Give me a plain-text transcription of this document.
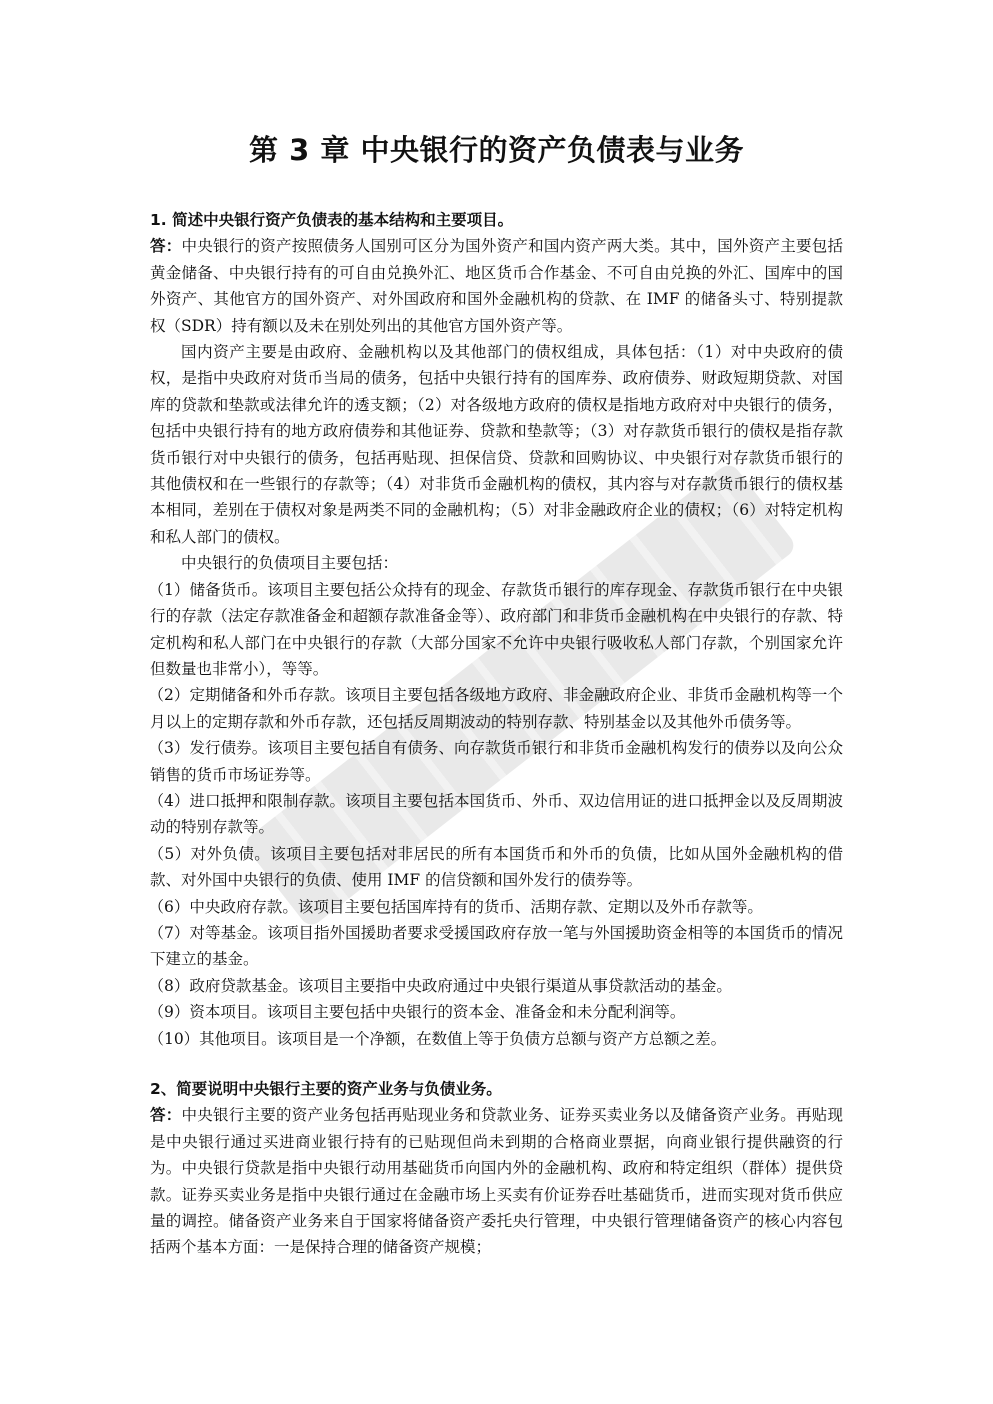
第 3 章 中央银行的资产负债表与业务

1. 简述中央银行资产负债表的基本结构和主要项目。

答：中央银行的资产按照债务人国别可区分为国外资产和国内资产两大类。其中，国外资产主要包括黄金储备、中央银行持有的可自由兑换外汇、地区货币合作基金、不可自由兑换的外汇、国库中的国外资产、其他官方的国外资产、对外国政府和国外金融机构的贷款、在 IMF 的储备头寸、特别提款权（SDR）持有额以及未在别处列出的其他官方国外资产等。

国内资产主要是由政府、金融机构以及其他部门的债权组成，具体包括：（1）对中央政府的债权，是指中央政府对货币当局的债务，包括中央银行持有的国库券、政府债券、财政短期贷款、对国库的贷款和垫款或法律允许的透支额；（2）对各级地方政府的债权是指地方政府对中央银行的债务，包括中央银行持有的地方政府债券和其他证券、贷款和垫款等；（3）对存款货币银行的债权是指存款货币银行对中央银行的债务，包括再贴现、担保信贷、贷款和回购协议、中央银行对存款货币银行的其他债权和在一些银行的存款等；（4）对非货币金融机构的债权，其内容与对存款货币银行的债权基本相同，差别在于债权对象是两类不同的金融机构；（5）对非金融政府企业的债权；（6）对特定机构和私人部门的债权。

中央银行的负债项目主要包括：

（1）储备货币。该项目主要包括公众持有的现金、存款货币银行的库存现金、存款货币银行在中央银行的存款（法定存款准备金和超额存款准备金等）、政府部门和非货币金融机构在中央银行的存款、特定机构和私人部门在中央银行的存款（大部分国家不允许中央银行吸收私人部门存款，个别国家允许但数量也非常小），等等。

（2）定期储备和外币存款。该项目主要包括各级地方政府、非金融政府企业、非货币金融机构等一个月以上的定期存款和外币存款，还包括反周期波动的特别存款、特别基金以及其他外币债务等。

（3）发行债券。该项目主要包括自有债务、向存款货币银行和非货币金融机构发行的债券以及向公众销售的货币市场证券等。

（4）进口抵押和限制存款。该项目主要包括本国货币、外币、双边信用证的进口抵押金以及反周期波动的特别存款等。

（5）对外负债。该项目主要包括对非居民的所有本国货币和外币的负债，比如从国外金融机构的借款、对外国中央银行的负债、使用 IMF 的信贷额和国外发行的债券等。

（6）中央政府存款。该项目主要包括国库持有的货币、活期存款、定期以及外币存款等。

（7）对等基金。该项目指外国援助者要求受援国政府存放一笔与外国援助资金相等的本国货币的情况下建立的基金。

（8）政府贷款基金。该项目主要指中央政府通过中央银行渠道从事贷款活动的基金。

（9）资本项目。该项目主要包括中央银行的资本金、准备金和未分配利润等。

（10）其他项目。该项目是一个净额，在数值上等于负债方总额与资产方总额之差。

2、简要说明中央银行主要的资产业务与负债业务。

答：中央银行主要的资产业务包括再贴现业务和贷款业务、证券买卖业务以及储备资产业务。再贴现是中央银行通过买进商业银行持有的已贴现但尚未到期的合格商业票据，向商业银行提供融资的行为。中央银行贷款是指中央银行动用基础货币向国内外的金融机构、政府和特定组织（群体）提供贷款。证券买卖业务是指中央银行通过在金融市场上买卖有价证券吞吐基础货币，进而实现对货币供应量的调控。储备资产业务来自于国家将储备资产委托央行管理，中央银行管理储备资产的核心内容包括两个基本方面：一是保持合理的储备资产规模；
